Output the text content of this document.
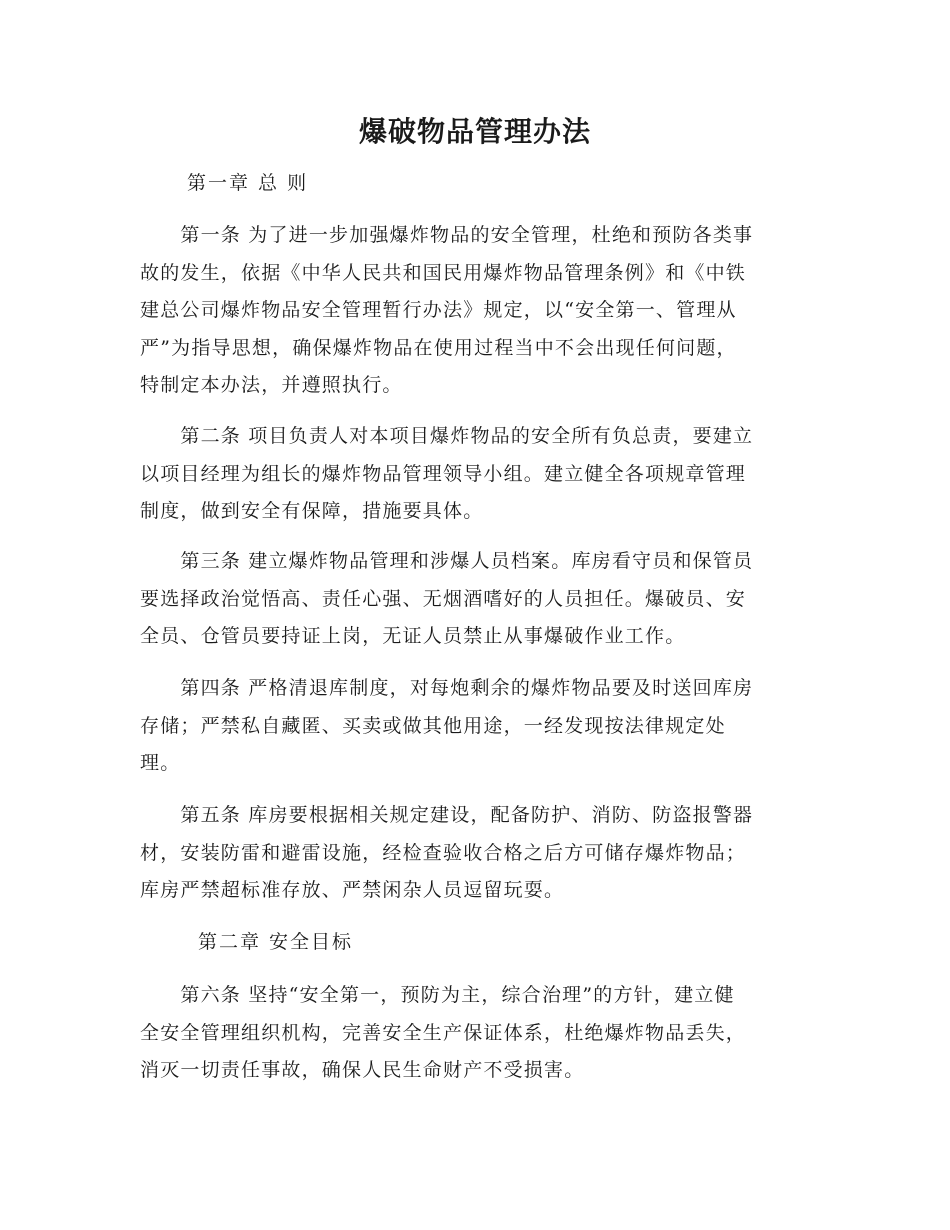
爆破物品管理办法
第一章 总 则
　　第一条 为了进一步加强爆炸物品的安全管理，杜绝和预防各类事
故的发生，依据《中华人民共和国民用爆炸物品管理条例》和《中铁
建总公司爆炸物品安全管理暂行办法》规定，以“安全第一、管理从
严”为指导思想，确保爆炸物品在使用过程当中不会出现任何问题，
特制定本办法，并遵照执行。
　　第二条 项目负责人对本项目爆炸物品的安全所有负总责，要建立
以项目经理为组长的爆炸物品管理领导小组。建立健全各项规章管理
制度，做到安全有保障，措施要具体。
　　第三条 建立爆炸物品管理和涉爆人员档案。库房看守员和保管员
要选择政治觉悟高、责任心强、无烟酒嗜好的人员担任。爆破员、安
全员、仓管员要持证上岗，无证人员禁止从事爆破作业工作。
　　第四条 严格清退库制度，对每炮剩余的爆炸物品要及时送回库房
存储；严禁私自藏匿、买卖或做其他用途，一经发现按法律规定处
理。
　　第五条 库房要根据相关规定建设，配备防护、消防、防盗报警器
材，安装防雷和避雷设施，经检查验收合格之后方可储存爆炸物品；
库房严禁超标准存放、严禁闲杂人员逗留玩耍。
第二章 安全目标
　　第六条 坚持“安全第一，预防为主，综合治理”的方针，建立健
全安全管理组织机构，完善安全生产保证体系，杜绝爆炸物品丢失，
消灭一切责任事故，确保人民生命财产不受损害。
